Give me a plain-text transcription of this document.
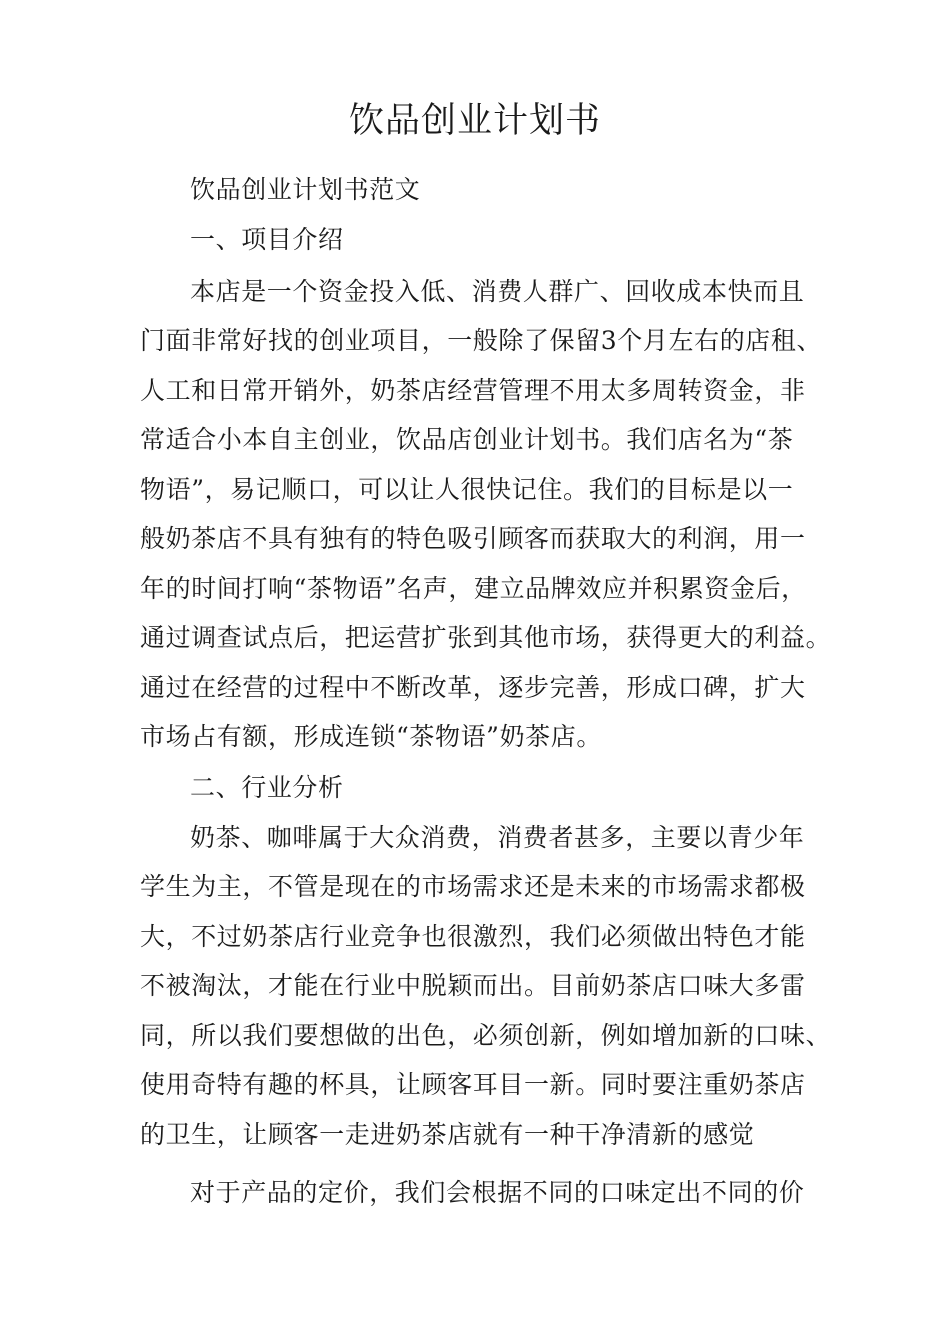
饮品创业计划书
饮品创业计划书范文
一、项目介绍
本店是一个资金投入低、消费人群广、回收成本快而且
门面非常好找的创业项目，一般除了保留3个月左右的店租、
人工和日常开销外，奶茶店经营管理不用太多周转资金，非
常适合小本自主创业，饮品店创业计划书。我们店名为“茶
物语”，易记顺口，可以让人很快记住。我们的目标是以一
般奶茶店不具有独有的特色吸引顾客而获取大的利润，用一
年的时间打响“茶物语”名声，建立品牌效应并积累资金后，
通过调查试点后，把运营扩张到其他市场，获得更大的利益。
通过在经营的过程中不断改革，逐步完善，形成口碑，扩大
市场占有额，形成连锁“茶物语”奶茶店。
二、行业分析
奶茶、咖啡属于大众消费，消费者甚多，主要以青少年
学生为主，不管是现在的市场需求还是未来的市场需求都极
大，不过奶茶店行业竞争也很激烈，我们必须做出特色才能
不被淘汰，才能在行业中脱颖而出。目前奶茶店口味大多雷
同，所以我们要想做的出色，必须创新，例如增加新的口味、
使用奇特有趣的杯具，让顾客耳目一新。同时要注重奶茶店
的卫生，让顾客一走进奶茶店就有一种干净清新的感觉
对于产品的定价，我们会根据不同的口味定出不同的价
